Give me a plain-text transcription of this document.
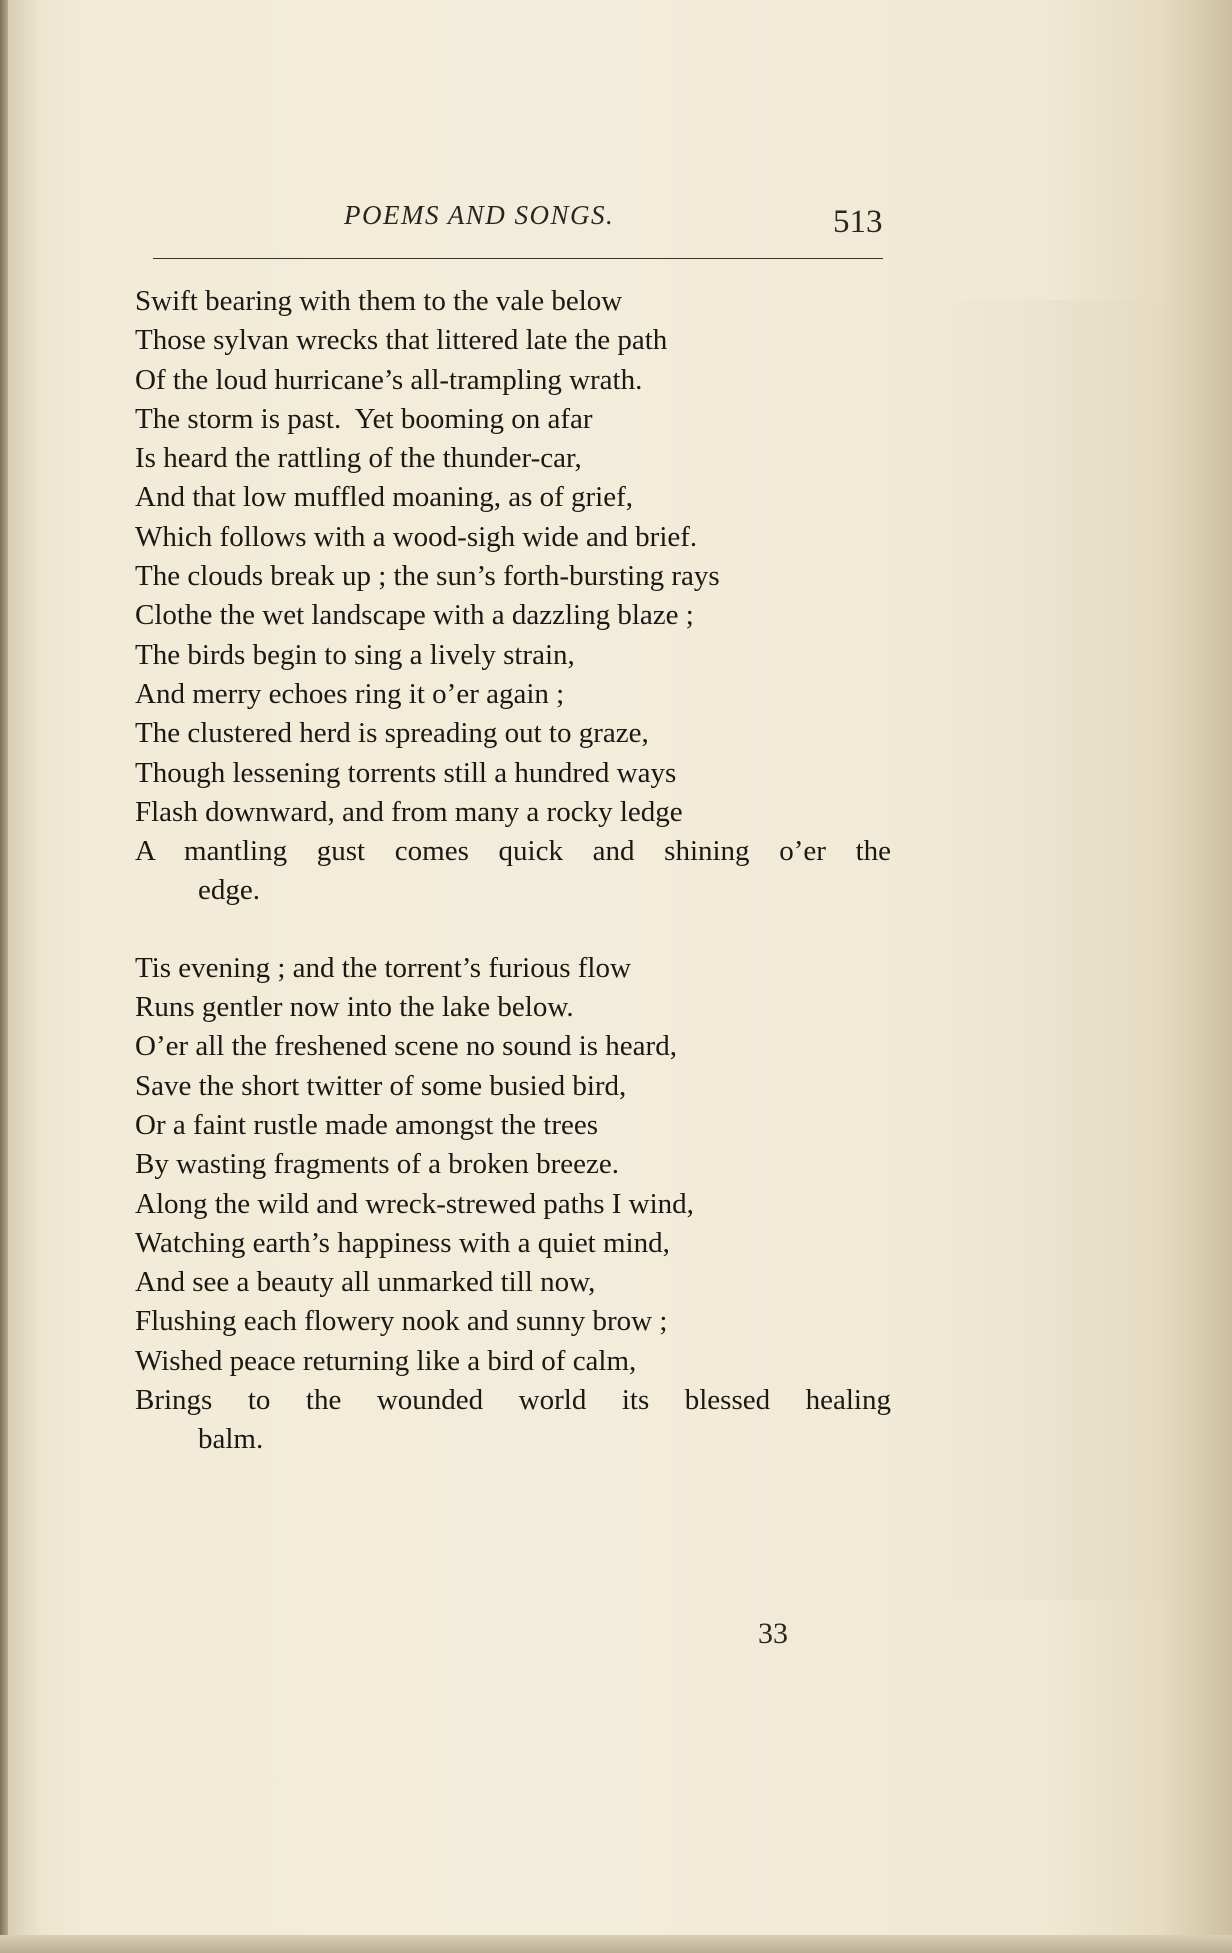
POEMS AND SONGS.	513
Swift bearing with them to the vale below
Those sylvan wrecks that littered late the path
Of the loud hurricane’s all-trampling wrath.
The storm is past.  Yet booming on afar
Is heard the rattling of the thunder-car,
And that low muffled moaning, as of grief,
Which follows with a wood-sigh wide and brief.
The clouds break up ; the sun’s forth-bursting rays
Clothe the wet landscape with a dazzling blaze ;
The birds begin to sing a lively strain,
And merry echoes ring it o’er again ;
The clustered herd is spreading out to graze,
Though lessening torrents still a hundred ways
Flash downward, and from many a rocky ledge
A mantling gust comes quick and shining o’er the
edge.
Tis evening ; and the torrent’s furious flow
Runs gentler now into the lake below.
O’er all the freshened scene no sound is heard,
Save the short twitter of some busied bird,
Or a faint rustle made amongst the trees
By wasting fragments of a broken breeze.
Along the wild and wreck-strewed paths I wind,
Watching earth’s happiness with a quiet mind,
And see a beauty all unmarked till now,
Flushing each flowery nook and sunny brow ;
Wished peace returning like a bird of calm,
Brings to the wounded world its blessed healing
balm.
33
